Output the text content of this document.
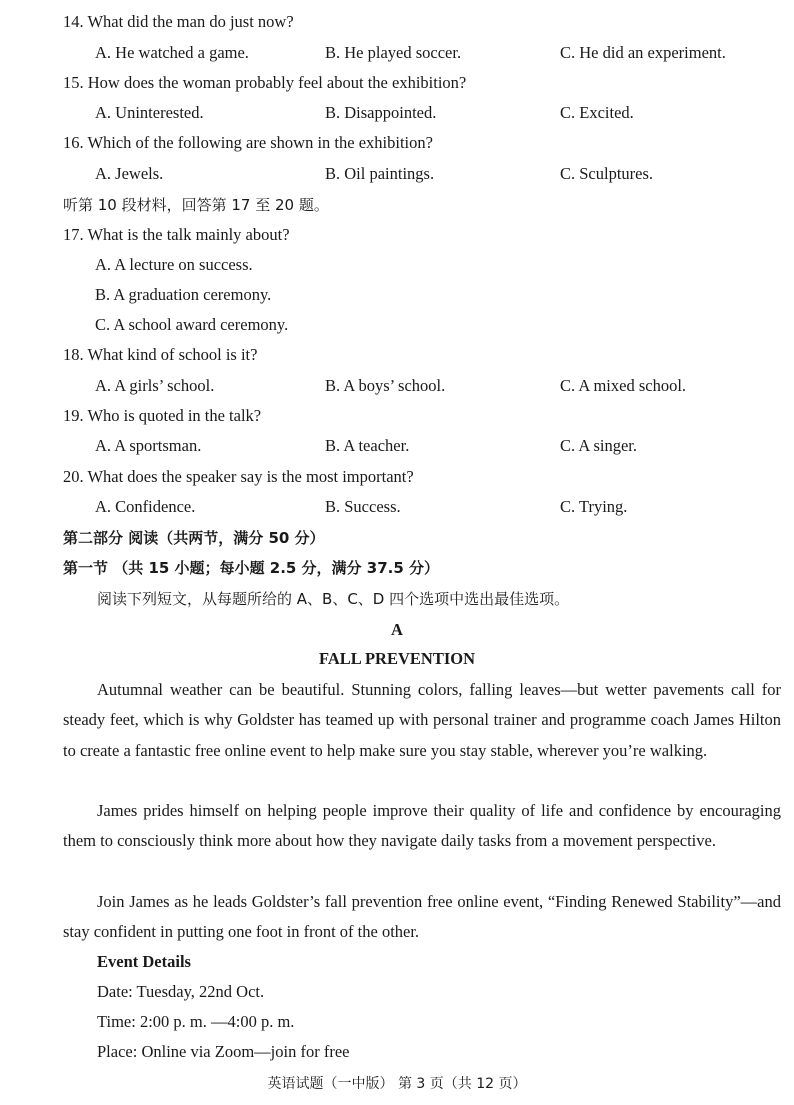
14. What did the man do just now?
A. He watched a game.	B. He played soccer.	C. He did an experiment.
15. How does the woman probably feel about the exhibition?
A. Uninterested.	B. Disappointed.	C. Excited.
16. Which of the following are shown in the exhibition?
A. Jewels.	B. Oil paintings.	C. Sculptures.
听第 10 段材料，回答第 17 至 20 题。
17. What is the talk mainly about?
A. A lecture on success.
B. A graduation ceremony.
C. A school award ceremony.
18. What kind of school is it?
A. A girls’ school.	B. A boys’ school.	C. A mixed school.
19. Who is quoted in the talk?
A. A sportsman.	B. A teacher.	C. A singer.
20. What does the speaker say is the most important?
A. Confidence.	B. Success.	C. Trying.
第二部分 阅读（共两节，满分 50 分）
第一节 （共 15 小题；每小题 2.5 分，满分 37.5 分）
阅读下列短文，从每题所给的 A、B、C、D 四个选项中选出最佳选项。
A
FALL PREVENTION

Autumnal weather can be beautiful. Stunning colors, falling leaves—but wetter pavements call for steady feet, which is why Goldster has teamed up with personal trainer and programme coach James Hilton to create a fantastic free online event to help make sure you stay stable, wherever you’re walking.

James prides himself on helping people improve their quality of life and confidence by encouraging them to consciously think more about how they navigate daily tasks from a movement perspective.

Join James as he leads Goldster’s fall prevention free online event, “Finding Renewed Stability”—and stay confident in putting one foot in front of the other.

Event Details
Date: Tuesday, 22nd Oct.
Time: 2:00 p. m. —4:00 p. m.
Place: Online via Zoom—join for free
英语试题（一中版） 第 3 页（共 12 页）
